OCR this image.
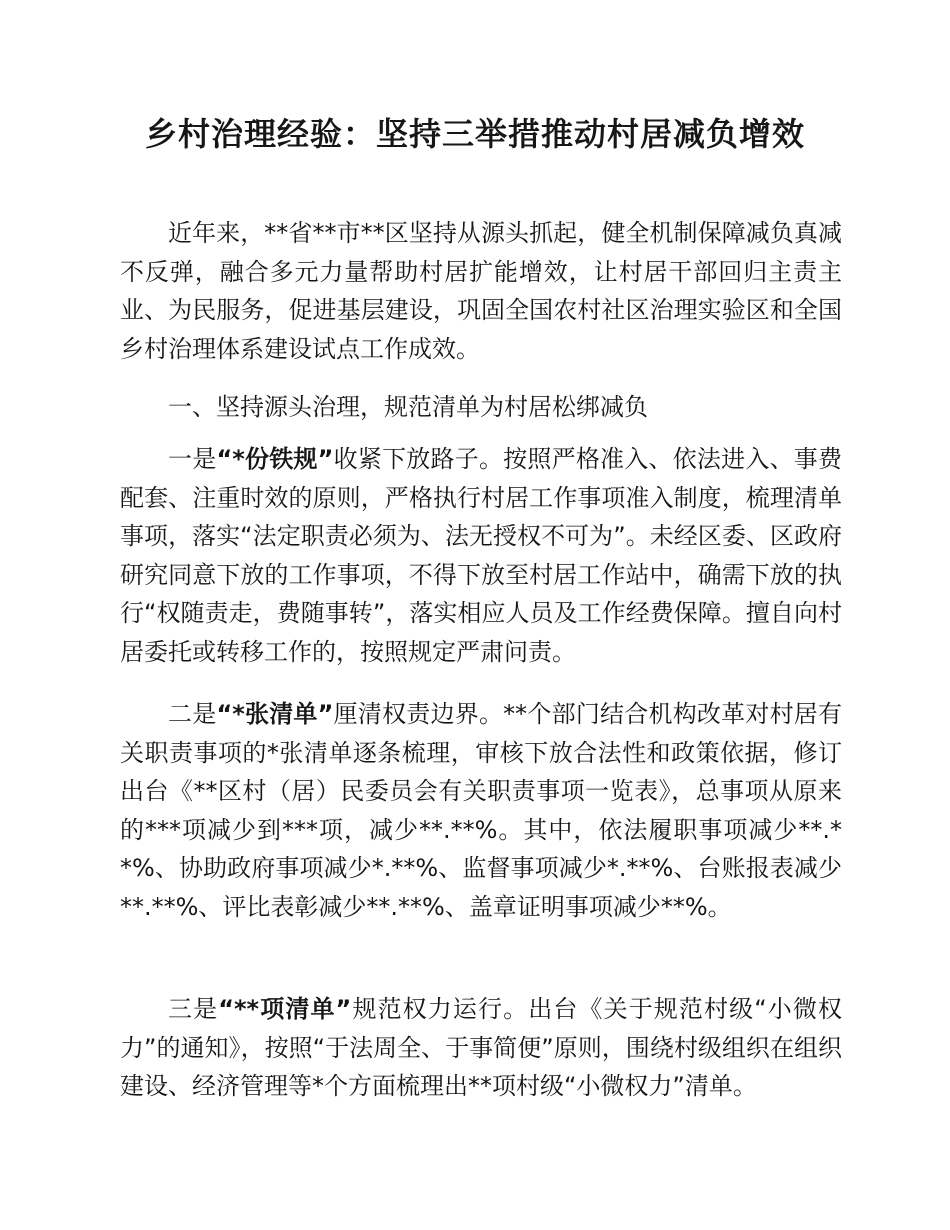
乡村治理经验：坚持三举措推动村居减负增效

近年来，**省**市**区坚持从源头抓起，健全机制保障减负真减不反弹，融合多元力量帮助村居扩能增效，让村居干部回归主责主业、为民服务，促进基层建设，巩固全国农村社区治理实验区和全国乡村治理体系建设试点工作成效。

一、坚持源头治理，规范清单为村居松绑减负

一是“*份铁规”收紧下放路子。按照严格准入、依法进入、事费配套、注重时效的原则，严格执行村居工作事项准入制度，梳理清单事项，落实“法定职责必须为、法无授权不可为”。未经区委、区政府研究同意下放的工作事项，不得下放至村居工作站中，确需下放的执行“权随责走，费随事转”，落实相应人员及工作经费保障。擅自向村居委托或转移工作的，按照规定严肃问责。

二是“*张清单”厘清权责边界。**个部门结合机构改革对村居有关职责事项的*张清单逐条梳理，审核下放合法性和政策依据，修订出台《**区村（居）民委员会有关职责事项一览表》，总事项从原来的***项减少到***项，减少**.**%。其中，依法履职事项减少**.**%、协助政府事项减少*.**%、监督事项减少*.**%、台账报表减少**.**%、评比表彰减少**.**%、盖章证明事项减少**%。

三是“**项清单”规范权力运行。出台《关于规范村级“小微权力”的通知》，按照“于法周全、于事简便”原则，围绕村级组织在组织建设、经济管理等*个方面梳理出**项村级“小微权力”清单。
